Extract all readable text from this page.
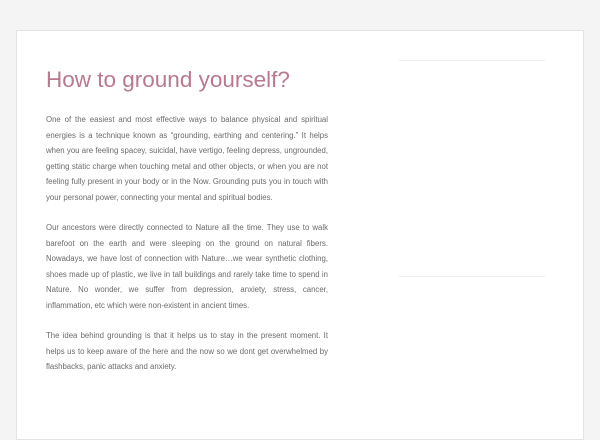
How to ground yourself?

One of the easiest and most effective ways to balance physical and spiritual energies is a technique known as “grounding, earthing and centering.” It helps when you are feeling spacey, suicidal, have vertigo, feeling depress, ungrounded, getting static charge when touching metal and other objects, or when you are not feeling fully present in your body or in the Now. Grounding puts you in touch with your personal power, connecting your mental and spiritual bodies.

Our ancestors were directly connected to Nature all the time. They use to walk barefoot on the earth and were sleeping on the ground on natural fibers. Nowadays, we have lost of connection with Nature…we wear synthetic clothing, shoes made up of plastic, we live in tall buildings and rarely take time to spend in Nature. No wonder, we suffer from depression, anxiety, stress, cancer, inflammation, etc which were non-existent in ancient times.

The idea behind grounding is that it helps us to stay in the present moment. It helps us to keep aware of the here and the now so we dont get overwhelmed by flashbacks, panic attacks and anxiety.
